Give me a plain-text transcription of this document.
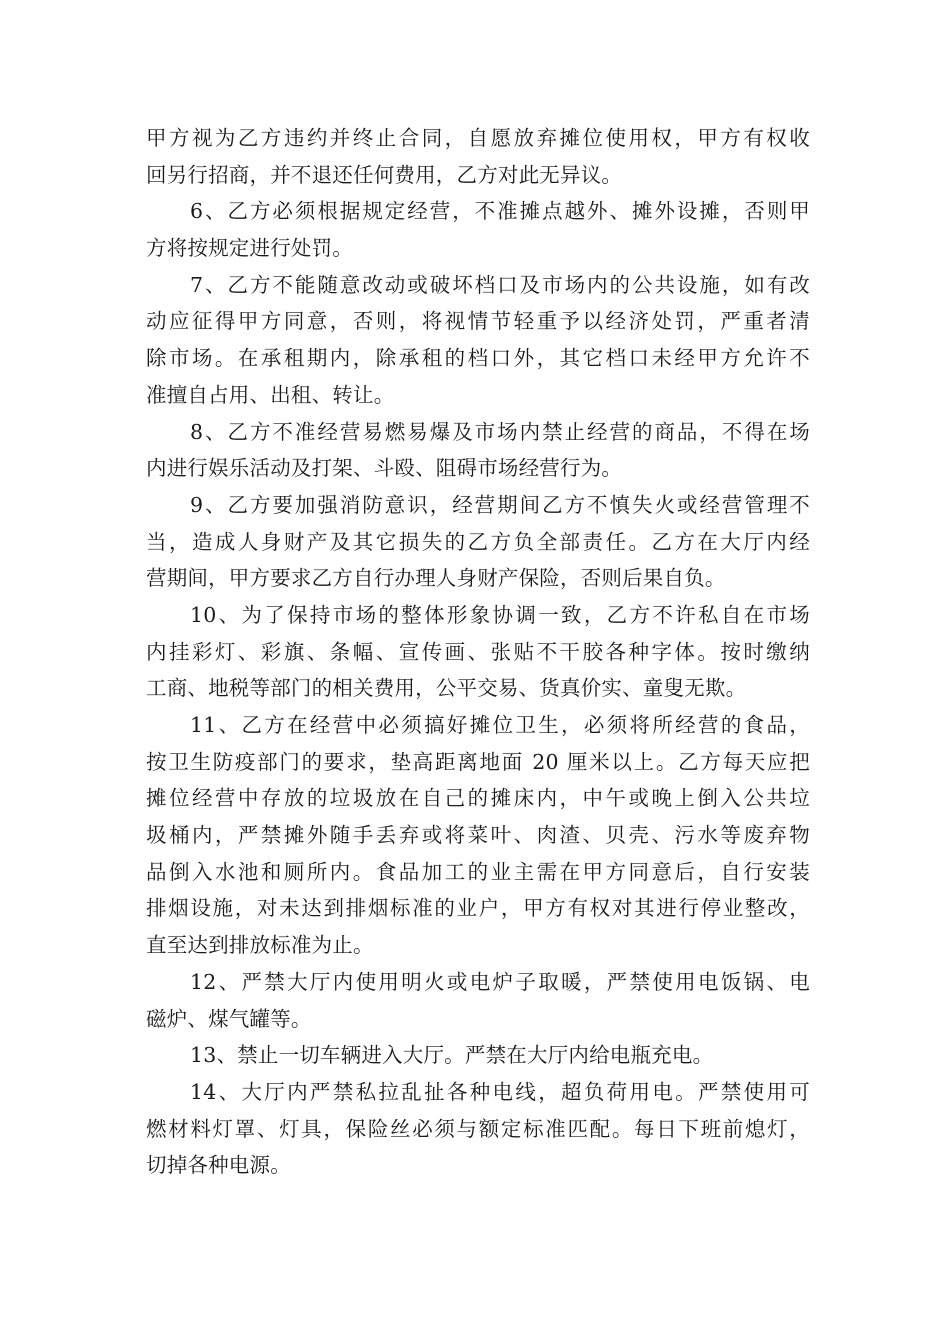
甲方视为乙方违约并终止合同，自愿放弃摊位使用权，甲方有权收
回另行招商，并不退还任何费用，乙方对此无异议。
6、乙方必须根据规定经营，不准摊点越外、摊外设摊，否则甲
方将按规定进行处罚。
7、乙方不能随意改动或破坏档口及市场内的公共设施，如有改
动应征得甲方同意，否则，将视情节轻重予以经济处罚，严重者清
除市场。在承租期内，除承租的档口外，其它档口未经甲方允许不
准擅自占用、出租、转让。
8、乙方不准经营易燃易爆及市场内禁止经营的商品，不得在场
内进行娱乐活动及打架、斗殴、阻碍市场经营行为。
9、乙方要加强消防意识，经营期间乙方不慎失火或经营管理不
当，造成人身财产及其它损失的乙方负全部责任。乙方在大厅内经
营期间，甲方要求乙方自行办理人身财产保险，否则后果自负。
10、为了保持市场的整体形象协调一致，乙方不许私自在市场
内挂彩灯、彩旗、条幅、宣传画、张贴不干胶各种字体。按时缴纳
工商、地税等部门的相关费用，公平交易、货真价实、童叟无欺。
11、乙方在经营中必须搞好摊位卫生，必须将所经营的食品，
按卫生防疫部门的要求，垫高距离地面 20 厘米以上。乙方每天应把
摊位经营中存放的垃圾放在自己的摊床内，中午或晚上倒入公共垃
圾桶内，严禁摊外随手丢弃或将菜叶、肉渣、贝壳、污水等废弃物
品倒入水池和厕所内。食品加工的业主需在甲方同意后，自行安装
排烟设施，对未达到排烟标准的业户，甲方有权对其进行停业整改，
直至达到排放标准为止。
12、严禁大厅内使用明火或电炉子取暖，严禁使用电饭锅、电
磁炉、煤气罐等。
13、禁止一切车辆进入大厅。严禁在大厅内给电瓶充电。
14、大厅内严禁私拉乱扯各种电线，超负荷用电。严禁使用可
燃材料灯罩、灯具，保险丝必须与额定标准匹配。每日下班前熄灯，
切掉各种电源。
